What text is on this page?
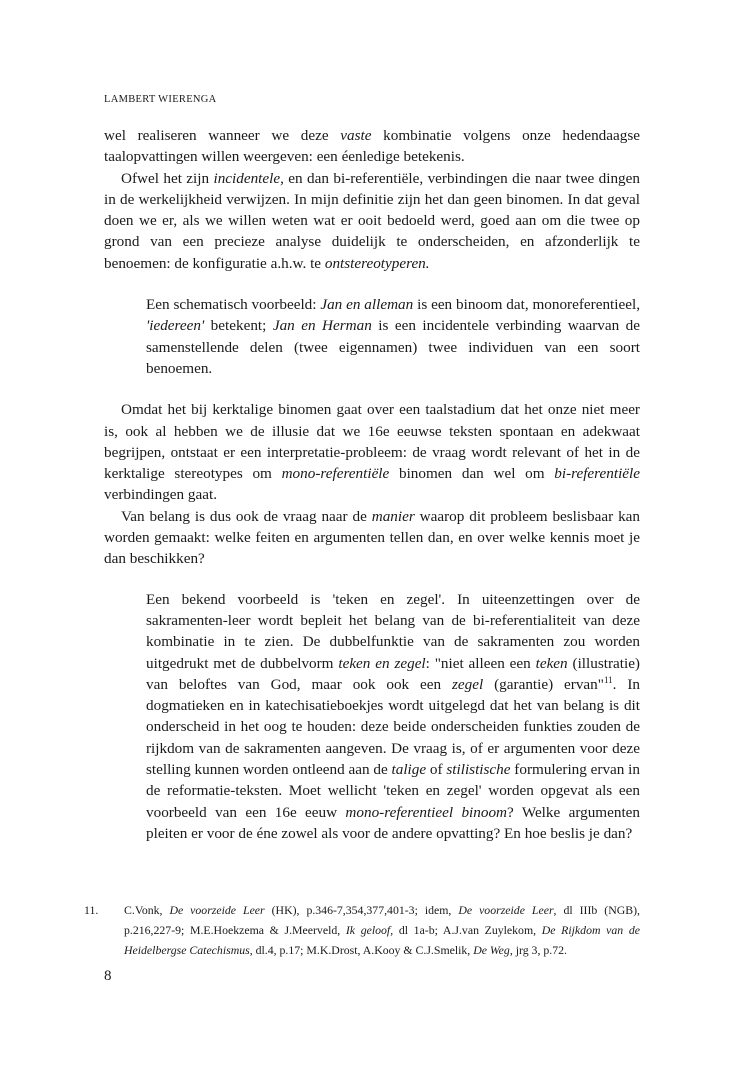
LAMBERT WIERENGA

wel realiseren wanneer we deze vaste kombinatie volgens onze hedendaagse taalopvattingen willen weergeven: een éenledige betekenis.

Ofwel het zijn incidentele, en dan bi-referentiële, verbindingen die naar twee dingen in de werkelijkheid verwijzen. In mijn definitie zijn het dan geen binomen. In dat geval doen we er, als we willen weten wat er ooit bedoeld werd, goed aan om die twee op grond van een precieze analyse duidelijk te onderscheiden, en afzonderlijk te benoemen: de konfiguratie a.h.w. te ontstereotyperen.

Een schematisch voorbeeld: Jan en alleman is een binoom dat, monoreferentieel, 'iedereen' betekent; Jan en Herman is een incidentele verbinding waarvan de samenstellende delen (twee eigennamen) twee individuen van een soort benoemen.

Omdat het bij kerktalige binomen gaat over een taalstadium dat het onze niet meer is, ook al hebben we de illusie dat we 16e eeuwse teksten spontaan en adekwaat begrijpen, ontstaat er een interpretatie-probleem: de vraag wordt relevant of het in de kerktalige stereotypes om mono-referentiële binomen dan wel om bi-referentiële verbindingen gaat.

Van belang is dus ook de vraag naar de manier waarop dit probleem beslisbaar kan worden gemaakt: welke feiten en argumenten tellen dan, en over welke kennis moet je dan beschikken?

Een bekend voorbeeld is 'teken en zegel'. In uiteenzettingen over de sakramenten-leer wordt bepleit het belang van de bi-referentialiteit van deze kombinatie in te zien. De dubbelfunktie van de sakramenten zou worden uitgedrukt met de dubbelvorm teken en zegel: "niet alleen een teken (illustratie) van beloftes van God, maar ook ook een zegel (garantie) ervan"$^{11}$. In dogmatieken en in katechisatieboekjes wordt uitgelegd dat het van belang is dit onderscheid in het oog te houden: deze beide onderscheiden funkties zouden de rijkdom van de sakramenten aangeven. De vraag is, of er argumenten voor deze stelling kunnen worden ontleend aan de talige of stilistische formulering ervan in de reformatie-teksten. Moet wellicht 'teken en zegel' worden opgevat als een voorbeeld van een 16e eeuw mono-referentieel binoom? Welke argumenten pleiten er voor de éne zowel als voor de andere opvatting? En hoe beslis je dan?

11. C.Vonk, De voorzeide Leer (HK), p.346-7,354,377,401-3; idem, De voorzeide Leer, dl IIIb (NGB), p.216,227-9; M.E.Hoekzema & J.Meerveld, Ik geloof, dl 1a-b; A.J.van Zuylekom, De Rijkdom van de Heidelbergse Catechismus, dl.4, p.17; M.K.Drost, A.Kooy & C.J.Smelik, De Weg, jrg 3, p.72.
8
